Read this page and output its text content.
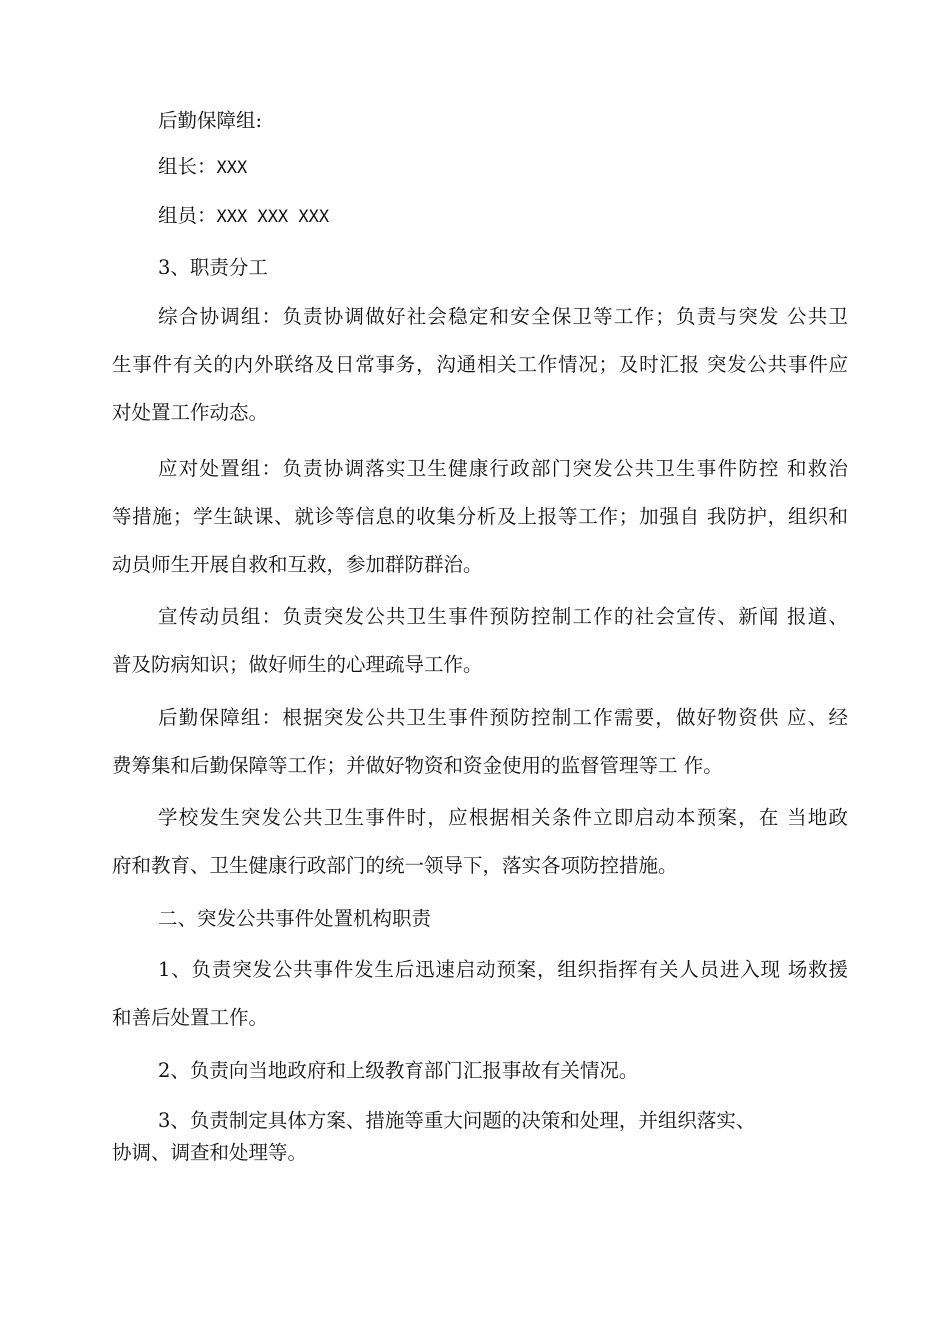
后勤保障组:
组长：XXX
组员：XXX XXX XXX
3、职责分工
综合协调组：负责协调做好社会稳定和安全保卫等工作；负责与突发 公共卫
生事件有关的内外联络及日常事务，沟通相关工作情况；及时汇报 突发公共事件应
对处置工作动态。
应对处置组：负责协调落实卫生健康行政部门突发公共卫生事件防控 和救治
等措施；学生缺课、就诊等信息的收集分析及上报等工作；加强自 我防护，组织和
动员师生开展自救和互救，参加群防群治。
宣传动员组：负责突发公共卫生事件预防控制工作的社会宣传、新闻 报道、
普及防病知识；做好师生的心理疏导工作。
后勤保障组：根据突发公共卫生事件预防控制工作需要，做好物资供 应、经
费筹集和后勤保障等工作；并做好物资和资金使用的监督管理等工 作。
学校发生突发公共卫生事件时，应根据相关条件立即启动本预案，在 当地政
府和教育、卫生健康行政部门的统一领导下，落实各项防控措施。
二、突发公共事件处置机构职责
1、负责突发公共事件发生后迅速启动预案，组织指挥有关人员进入现 场救援
和善后处置工作。
2、负责向当地政府和上级教育部门汇报事故有关情况。
3、负责制定具体方案、措施等重大问题的决策和处理，并组织落实、
协调、调查和处理等。
